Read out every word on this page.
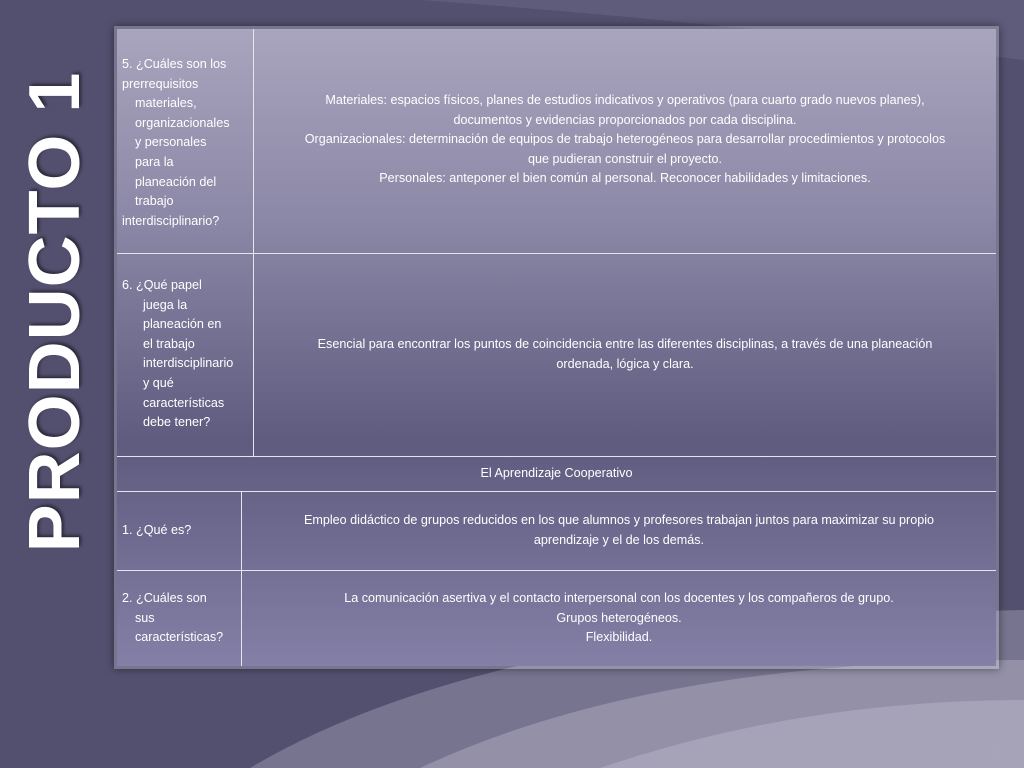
PRODUCTO 1
5. ¿Cuáles son los
prerrequisitos
materiales,
organizacionales
y personales
para la
planeación del
trabajo
interdisciplinario?
Materiales: espacios físicos, planes de estudios indicativos y operativos (para cuarto grado nuevos planes),
documentos y evidencias proporcionados por cada disciplina.
Organizacionales: determinación de equipos de trabajo heterogéneos para desarrollar procedimientos y protocolos
que pudieran construir el proyecto.
Personales: anteponer el bien común al personal. Reconocer habilidades y limitaciones.
6. ¿Qué papel
juega la
planeación en
el trabajo
interdisciplinario
y qué
características
debe tener?
Esencial para encontrar los puntos de coincidencia entre las diferentes disciplinas, a través de una planeación
ordenada, lógica y clara.
El Aprendizaje Cooperativo
1. ¿Qué es?
Empleo didáctico de grupos reducidos en los que alumnos y profesores trabajan juntos para maximizar su propio
aprendizaje y el de los demás.
2. ¿Cuáles son
sus
características?
La comunicación asertiva y el contacto interpersonal con los docentes y los compañeros de grupo.
Grupos heterogéneos.
Flexibilidad.
3
